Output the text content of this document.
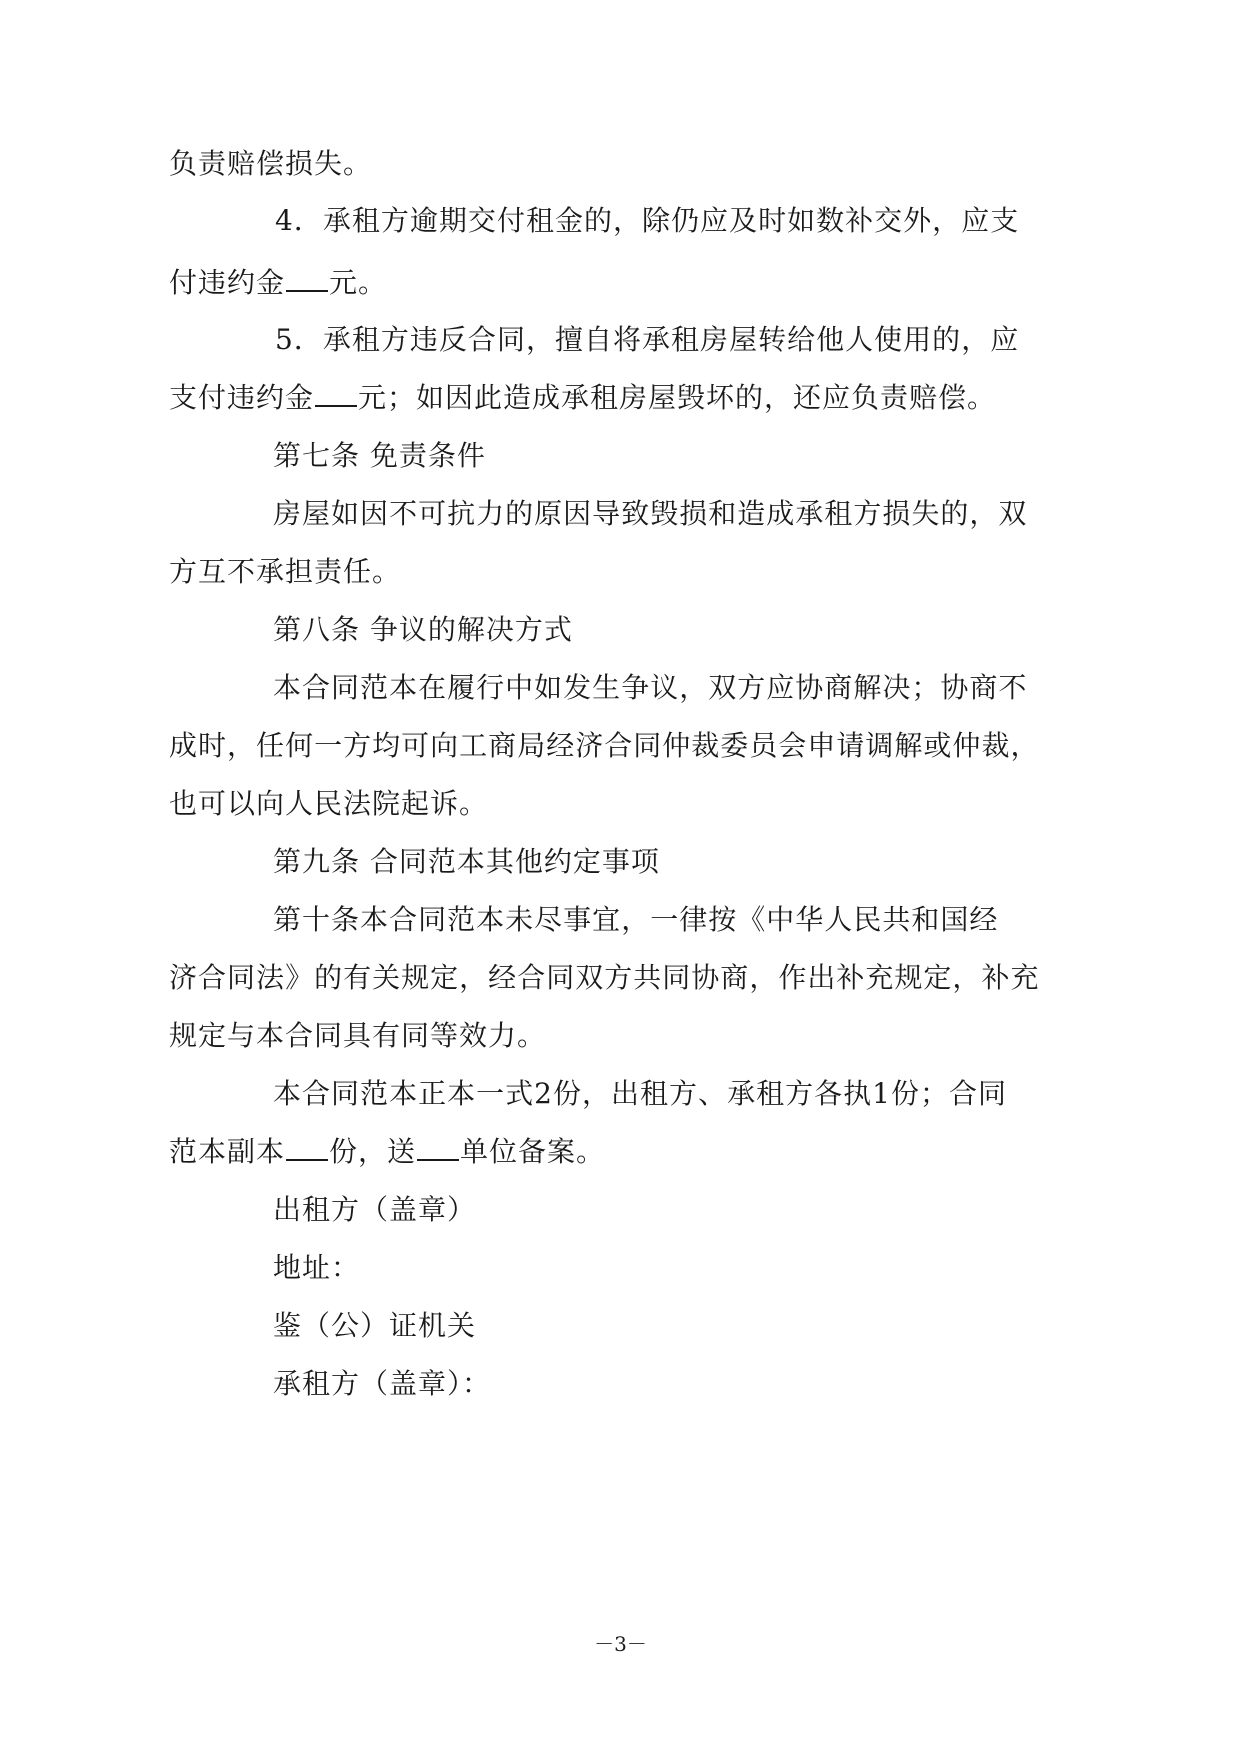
负责赔偿损失。
4 ． 承 租 方 逾 期 交 付 租 金 的 ， 除 仍 应 及 时 如 数 补 交 外 ， 应 支
付违约金 元。
5 ． 承 租 方 违 反 合 同 ， 擅 自 将 承 租 房 屋 转 给 他 人 使 用 的 ， 应
支付违约金 元；如因此造成承租房屋毁坏的，还应负责赔偿。
第七条 免责条件
房 屋 如 因 不 可 抗 力 的 原 因 导 致 毁 损 和 造 成 承 租 方 损 失 的 ， 双
方互不承担责任。
第八条 争议的解决方式
本 合 同 范 本 在 履 行 中 如 发 生 争 议 ， 双 方 应 协 商 解 决 ； 协 商 不
成 时 ， 任 何 一 方 均 可 向 工 商 局 经 济 合 同 仲 裁 委 员 会 申 请 调 解 或 仲 裁 ，
也可以向人民法院起诉。
第九条 合同范本其他约定事项
第 十 条 本 合 同 范 本 未 尽 事 宜 ， 一 律 按 《 中 华 人 民 共 和 国 经
济 合 同 法 》 的 有 关 规 定 ， 经 合 同 双 方 共 同 协 商 ， 作 出 补 充 规 定 ， 补 充
规定与本合同具有同等效力。
本 合 同 范 本 正 本 一 式 2 份 ， 出 租 方 、 承 租 方 各 执 1 份 ； 合 同
范本副本 份，送 单位备案。
出租方（盖章）
地址：
鉴（公）证机关
承租方（盖章）：
－3－
